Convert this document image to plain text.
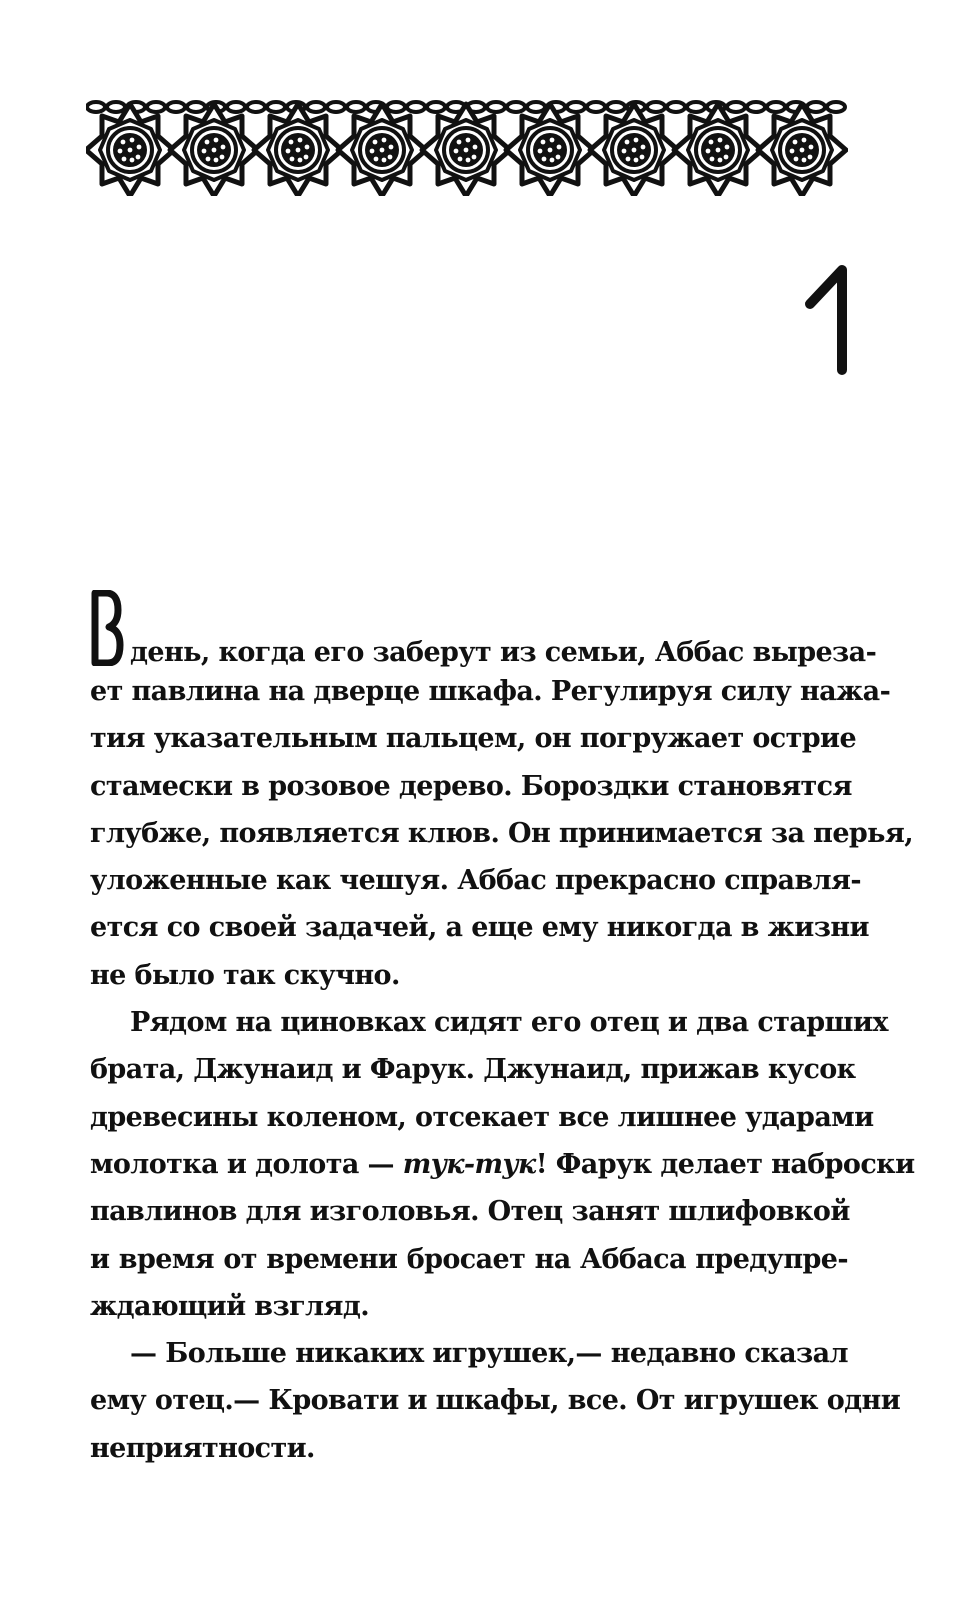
день, когда его заберут из семьи, Аббас выреза-
ет павлина на дверце шкафа. Регулируя силу нажа-
тия указательным пальцем, он погружает острие
стамески в розовое дерево. Бороздки становятся
глубже, появляется клюв. Он принимается за перья,
уложенные как чешуя. Аббас прекрасно справля-
ется со своей задачей, а еще ему никогда в жизни
не было так скучно.
Рядом на циновках сидят его отец и два старших
брата, Джунаид и Фарук. Джунаид, прижав кусок
древесины коленом, отсекает все лишнее ударами
молотка и долота — тук-тук! Фарук делает наброски
павлинов для изголовья. Отец занят шлифовкой
и время от времени бросает на Аббаса предупре-
ждающий взгляд.
— Больше никаких игрушек,— недавно сказал
ему отец.— Кровати и шкафы, все. От игрушек одни
неприятности.
